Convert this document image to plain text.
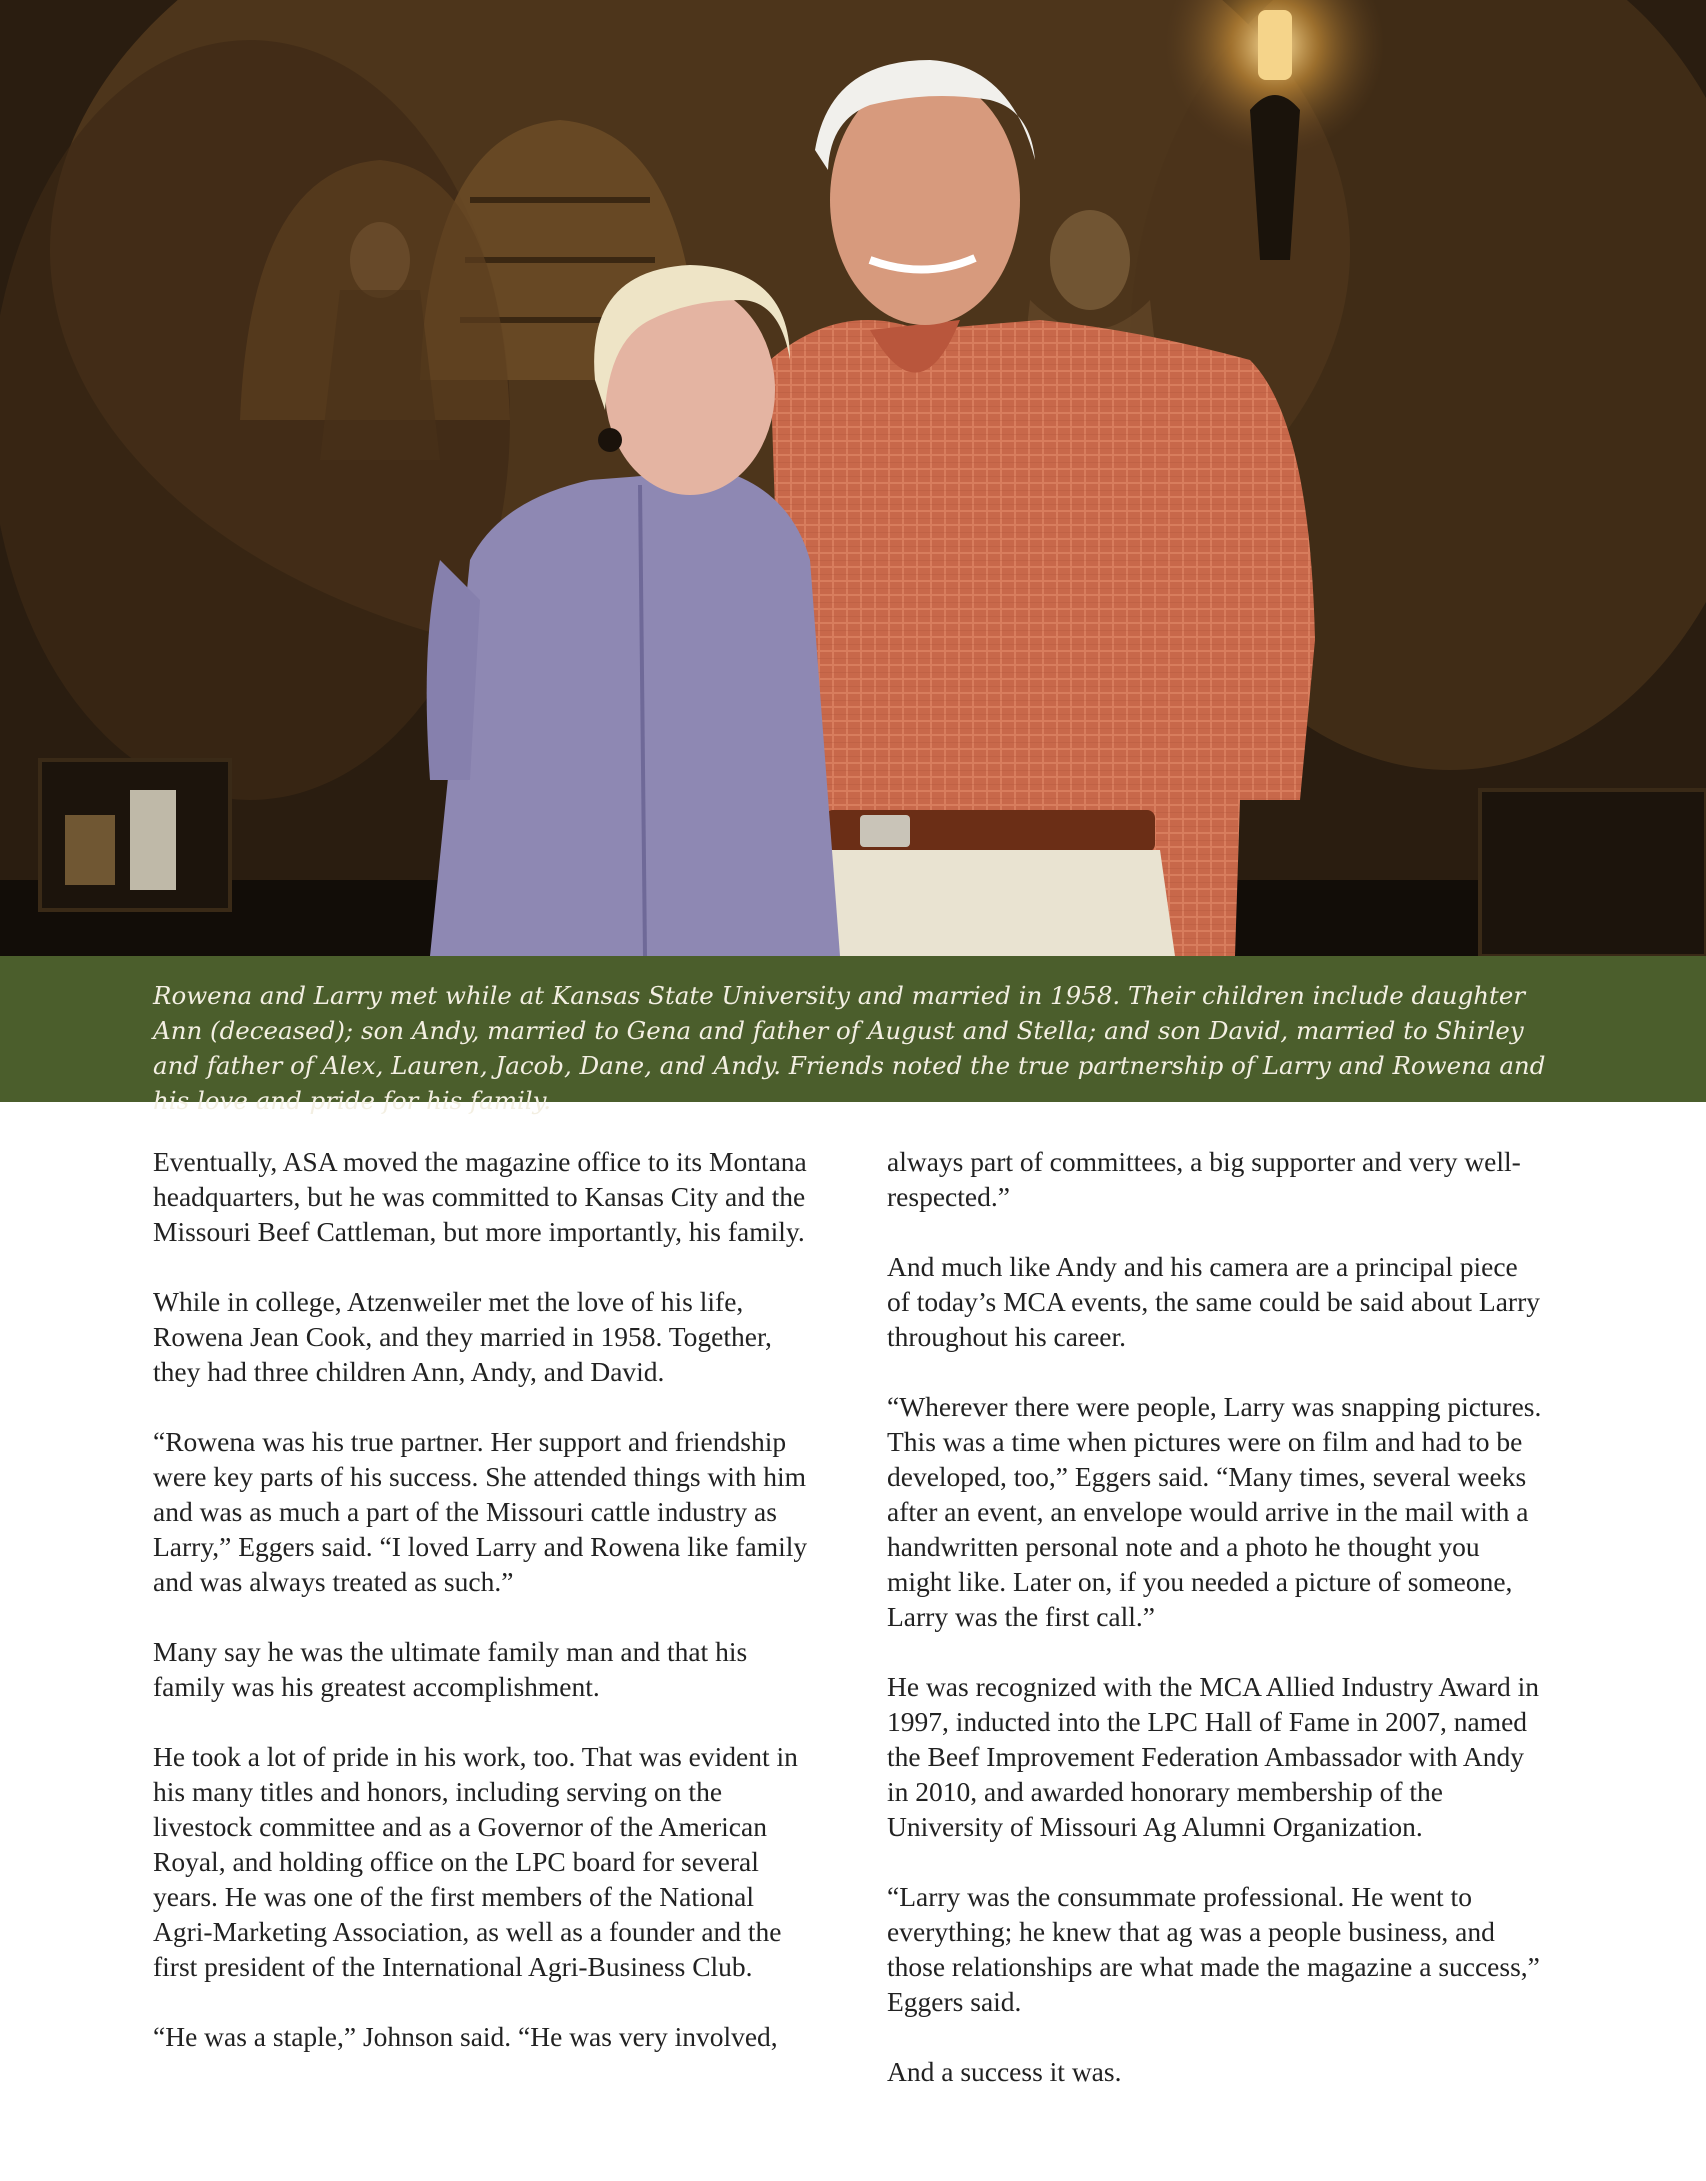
Rowena and Larry met while at Kansas State University and married in 1958. Their children include daughter Ann (deceased); son Andy, married to Gena and father of August and Stella; and son David, married to Shirley and father of Alex, Lauren, Jacob, Dane, and Andy. Friends noted the true partnership of Larry and Rowena and his love and pride for his family.

Eventually, ASA moved the magazine office to its Montana headquarters, but he was committed to Kansas City and the Missouri Beef Cattleman, but more importantly, his family.

While in college, Atzenweiler met the love of his life, Rowena Jean Cook, and they married in 1958. Together, they had three children Ann, Andy, and David.

“Rowena was his true partner. Her support and friendship were key parts of his success. She attended things with him and was as much a part of the Missouri cattle industry as Larry,” Eggers said. “I loved Larry and Rowena like family and was always treated as such.”

Many say he was the ultimate family man and that his family was his greatest accomplishment.

He took a lot of pride in his work, too. That was evident in his many titles and honors, including serving on the livestock committee and as a Governor of the American Royal, and holding office on the LPC board for several years. He was one of the first members of the National Agri-Marketing Association, as well as a founder and the first president of the International Agri-Business Club.

“He was a staple,” Johnson said. “He was very involved,

always part of committees, a big supporter and very well-respected.”

And much like Andy and his camera are a principal piece of today’s MCA events, the same could be said about Larry throughout his career.

“Wherever there were people, Larry was snapping pictures. This was a time when pictures were on film and had to be developed, too,” Eggers said. “Many times, several weeks after an event, an envelope would arrive in the mail with a handwritten personal note and a photo he thought you might like. Later on, if you needed a picture of someone, Larry was the first call.”

He was recognized with the MCA Allied Industry Award in 1997, inducted into the LPC Hall of Fame in 2007, named the Beef Improvement Federation Ambassador with Andy in 2010, and awarded honorary membership of the University of Missouri Ag Alumni Organization.

“Larry was the consummate professional. He went to everything; he knew that ag was a people business, and those relationships are what made the magazine a success,” Eggers said.

And a success it was.
